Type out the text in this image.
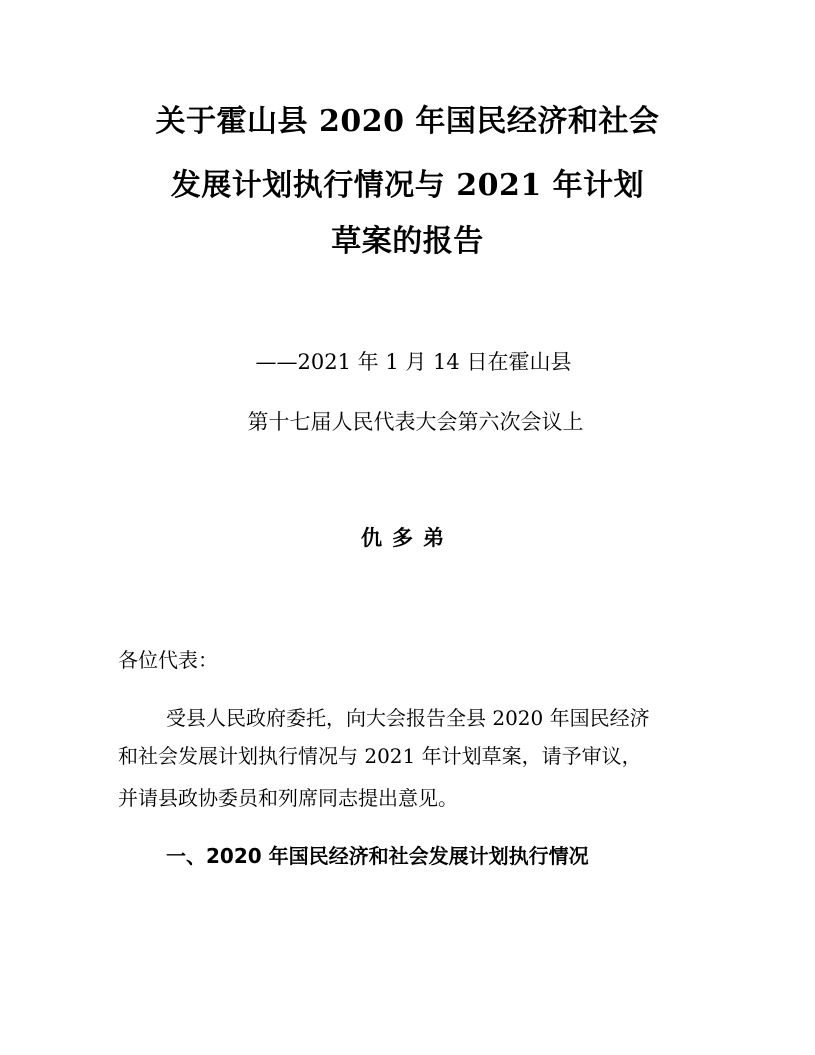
关于霍山县 2020 年国民经济和社会
发展计划执行情况与 2021 年计划
草案的报告
——2021 年 1 月 14 日在霍山县
第十七届人民代表大会第六次会议上
仇多弟
各位代表：
受县人民政府委托，向大会报告全县 2020 年国民经济
和社会发展计划执行情况与 2021 年计划草案，请予审议，
并请县政协委员和列席同志提出意见。
一、2020 年国民经济和社会发展计划执行情况
